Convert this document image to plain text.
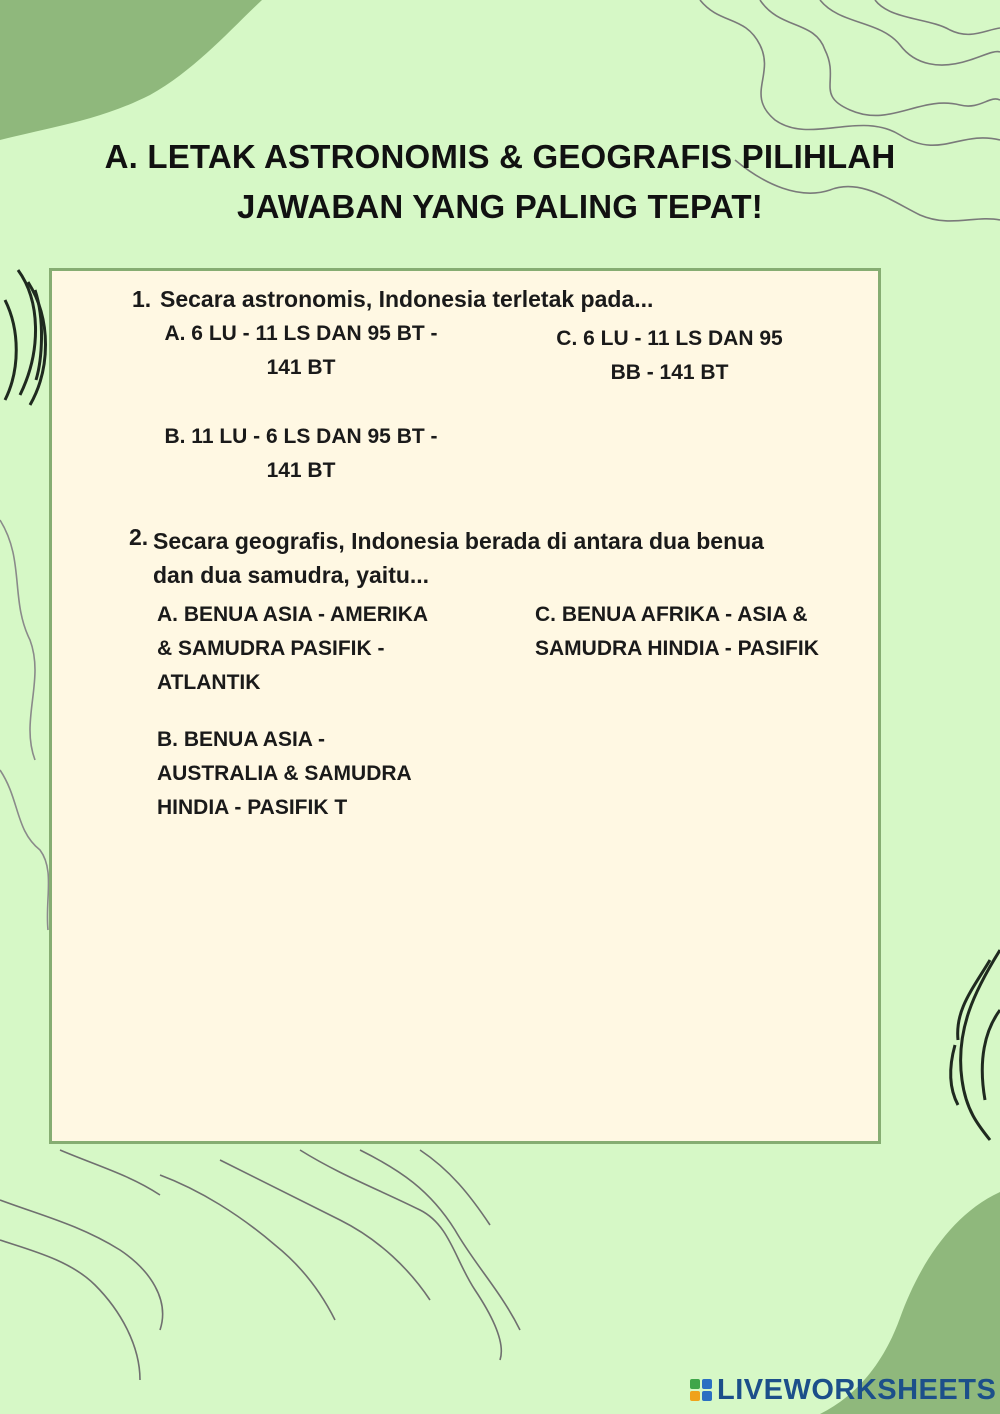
A. LETAK ASTRONOMIS & GEOGRAFIS PILIHLAH
JAWABAN YANG PALING TEPAT!
1. Secara astronomis, Indonesia terletak pada...
A. 6 LU - 11 LS DAN 95 BT -
141 BT
C. 6 LU - 11 LS DAN 95
BB - 141 BT
B. 11 LU - 6 LS DAN 95 BT -
141 BT
2. Secara geografis, Indonesia berada di antara dua benua
dan dua samudra, yaitu...
A. BENUA ASIA - AMERIKA
& SAMUDRA PASIFIK -
ATLANTIK
C. BENUA AFRIKA - ASIA &
SAMUDRA HINDIA - PASIFIK
B. BENUA ASIA -
AUSTRALIA & SAMUDRA
HINDIA - PASIFIK T
LIVEWORKSHEETS
